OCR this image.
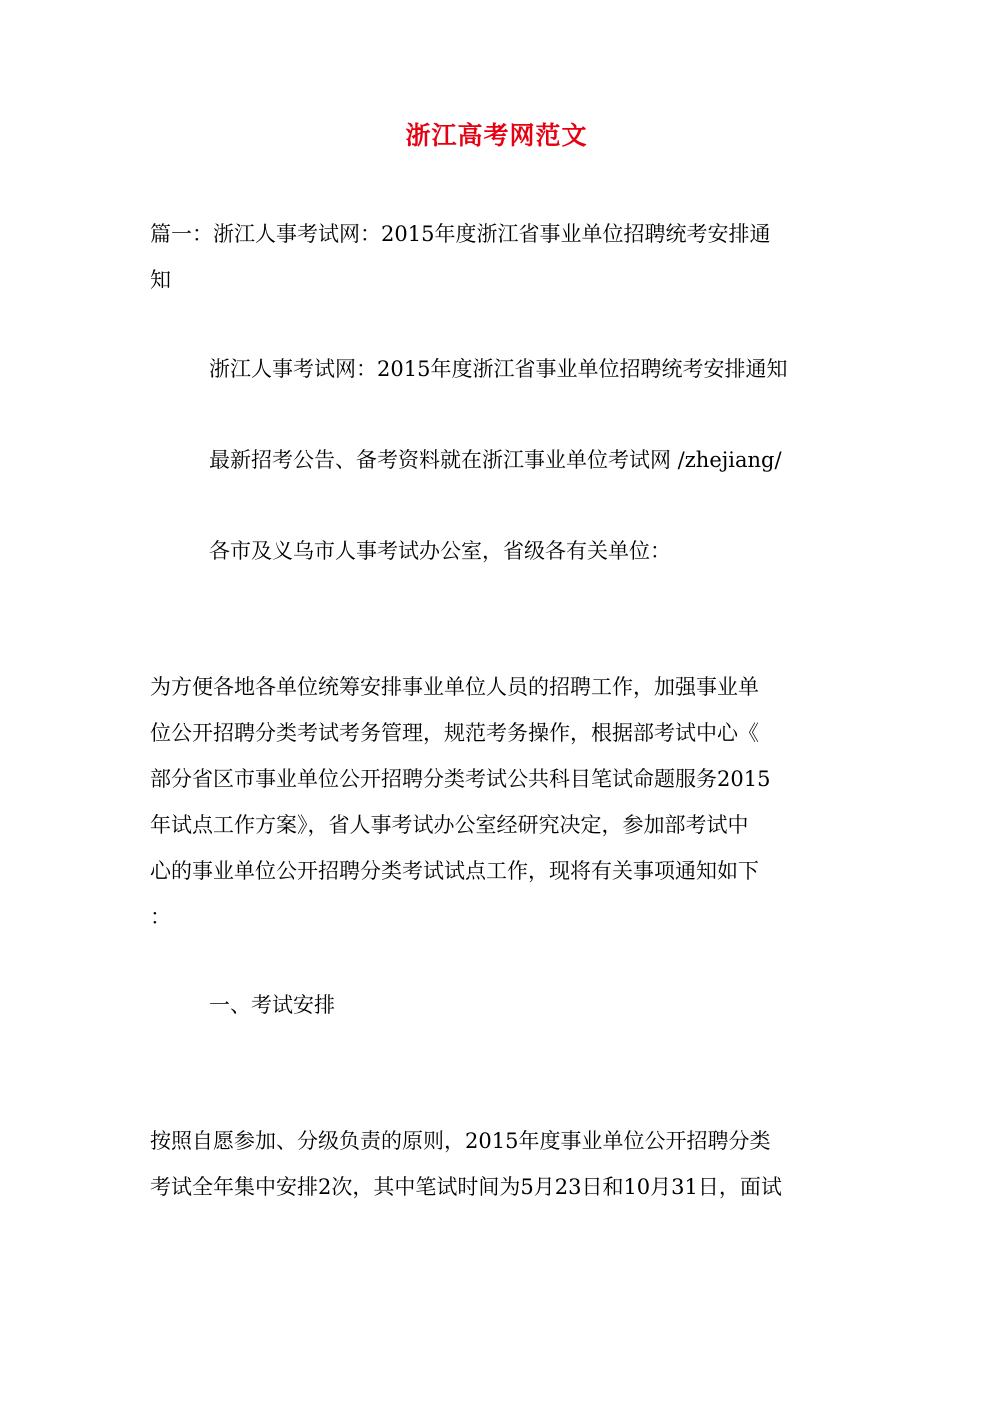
浙江高考网范文
篇一：浙江人事考试网：2015年度浙江省事业单位招聘统考安排通
知
浙江人事考试网：2015年度浙江省事业单位招聘统考安排通知
最新招考公告、备考资料就在浙江事业单位考试网 /zhejiang/
各市及义乌市人事考试办公室，省级各有关单位：
为方便各地各单位统筹安排事业单位人员的招聘工作，加强事业单
位公开招聘分类考试考务管理，规范考务操作，根据部考试中心《
部分省区市事业单位公开招聘分类考试公共科目笔试命题服务2015
年试点工作方案》，省人事考试办公室经研究决定，参加部考试中
心的事业单位公开招聘分类考试试点工作，现将有关事项通知如下
：
一、考试安排
按照自愿参加、分级负责的原则，2015年度事业单位公开招聘分类
考试全年集中安排2次，其中笔试时间为5月23日和10月31日，面试
